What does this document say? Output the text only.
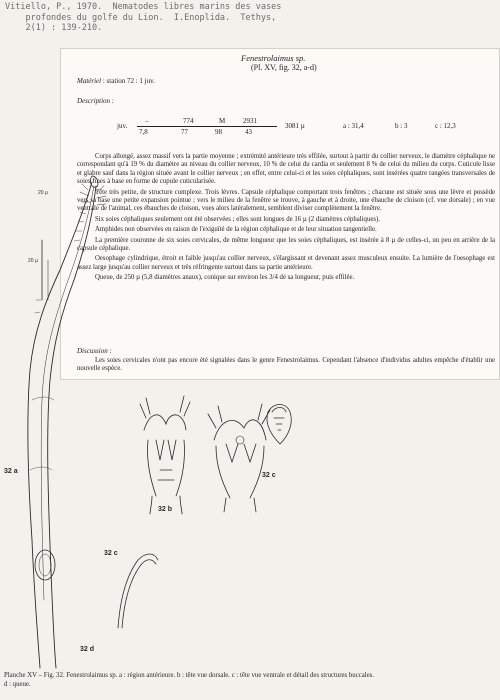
Vitiello, P., 1970.  Nematodes libres marins des vases
profondes du golfe du Lion.  I.Enoplida.  Tethys,
2(1) : 139-210.
Fenestrolaimus sp.
(Pl. XV, fig. 32, a-d)
Matériel : station 72 : 1 juv.
Description :
juv.
–	774	M	2931
7,8	77	98	43
3081 µ	a : 31,4	b : 3	c : 12,3

Corps allongé, assez massif vers la partie moyenne ; extrémité antérieure très effilée, surtout à partir du collier nerveux, le diamètre céphalique ne correspondant qu'à 19 % du diamètre au niveau du collier nerveux, 10 % de celui du cardia et seulement 8 % de celui du milieu du corps. Cuticule lisse et glabre sauf dans la région située avant le collier nerveux ; en effet, entre celui-ci et les soies céphaliques, sont insérées quatre rangées transversales de soies fines à base en forme de cupule cuticularisée.

Tête très petite, de structure complexe. Trois lèvres. Capsule céphalique comportant trois fenêtres ; chacune est située sous une lèvre et possède vers sa base une petite expansion pointue ; vers le milieu de la fenêtre se trouve, à gauche et à droite, une ébauche de cloison (cf. vue dorsale) ; en vue ventrale de l'animal, ces ébauches de cloison, vues alors latéralement, semblent diviser complètement la fenêtre.

Six soies céphaliques seulement ont été observées ; elles sont longues de 16 µ (2 diamètres céphaliques).

Amphides non observées en raison de l'exiguïté de la région céphalique et de leur situation tangentielle.

La première couronne de six soies cervicales, de même longueur que les soies céphaliques, est insérée à 8 µ de celles-ci, un peu en arrière de la capsule céphalique.

Oesophage cylindrique, étroit et faible jusqu'au collier nerveux, s'élargissant et devenant assez musculeux ensuite. La lumière de l'oesophage est assez large jusqu'au collier nerveux et très réfringente surtout dans sa partie antérieure.

Queue, de 250 µ (5,8 diamètres anaux), conique sur environ les 3/4 de sa longueur, puis effilée.

Discussion :

Les soies cervicales n'ont pas encore été signalées dans le genre Fenestrolaimus. Cependant l'absence d'individus adultes empêche d'établir une nouvelle espèce.

32 a
32 b
32 c
32 c
32 d
20 µ
20 µ

Planche XV – Fig. 32. Fenestrolaimus sp. a : région antérieure. b : tête vue dorsale. c : tête vue ventrale et détail des structures buccales. d : queue.
